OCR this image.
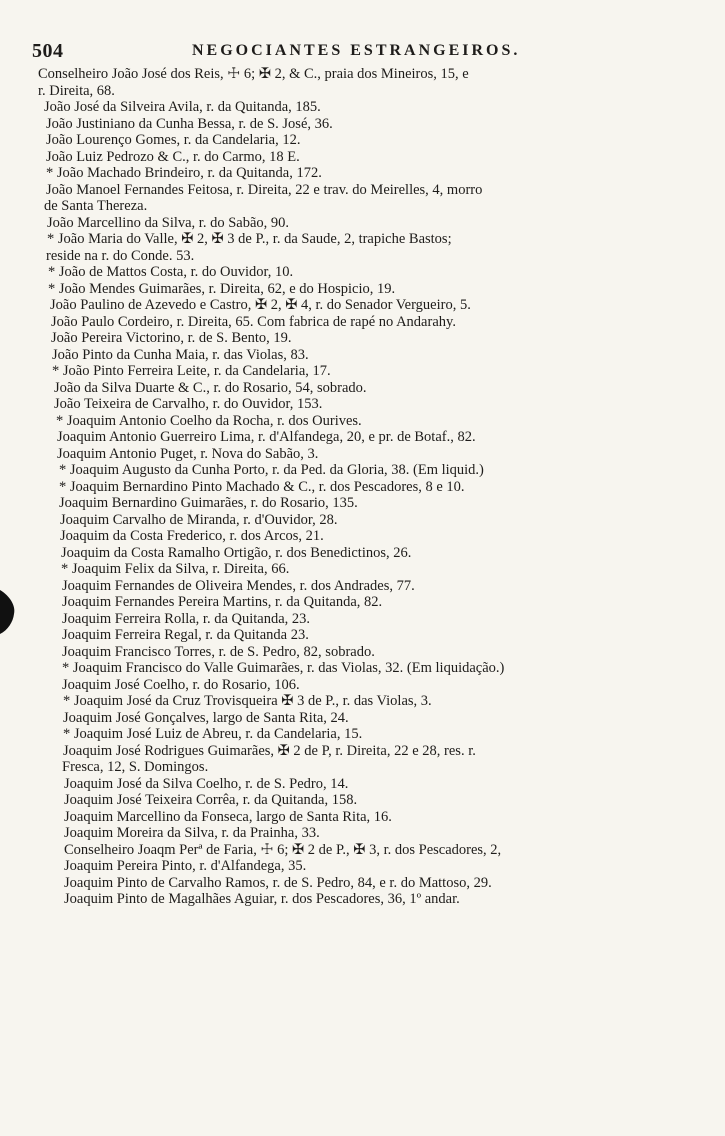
504	NEGOCIANTES ESTRANGEIROS.
Conselheiro João José dos Reis, ☩ 6; ✠ 2, & C., praia dos Mineiros, 15, e
r. Direita, 68.
João José da Silveira Avila, r. da Quitanda, 185.
João Justiniano da Cunha Bessa, r. de S. José, 36.
João Lourenço Gomes, r. da Candelaria, 12.
João Luiz Pedrozo & C., r. do Carmo, 18 E.
* João Machado Brindeiro, r. da Quitanda, 172.
João Manoel Fernandes Feitosa, r. Direita, 22 e trav. do Meirelles, 4, morro
de Santa Thereza.
João Marcellino da Silva, r. do Sabão, 90.
* João Maria do Valle, ✠ 2, ✠ 3 de P., r. da Saude, 2, trapiche Bastos;
reside na r. do Conde. 53.
* João de Mattos Costa, r. do Ouvidor, 10.
* João Mendes Guimarães, r. Direita, 62, e do Hospicio, 19.
João Paulino de Azevedo e Castro, ✠ 2, ✠ 4, r. do Senador Vergueiro, 5.
João Paulo Cordeiro, r. Direita, 65. Com fabrica de rapé no Andarahy.
João Pereira Victorino, r. de S. Bento, 19.
João Pinto da Cunha Maia, r. das Violas, 83.
* João Pinto Ferreira Leite, r. da Candelaria, 17.
João da Silva Duarte & C., r. do Rosario, 54, sobrado.
João Teixeira de Carvalho, r. do Ouvidor, 153.
* Joaquim Antonio Coelho da Rocha, r. dos Ourives.
Joaquim Antonio Guerreiro Lima, r. d'Alfandega, 20, e pr. de Botaf., 82.
Joaquim Antonio Puget, r. Nova do Sabão, 3.
* Joaquim Augusto da Cunha Porto, r. da Ped. da Gloria, 38. (Em liquid.)
* Joaquim Bernardino Pinto Machado & C., r. dos Pescadores, 8 e 10.
Joaquim Bernardino Guimarães, r. do Rosario, 135.
Joaquim Carvalho de Miranda, r. d'Ouvidor, 28.
Joaquim da Costa Frederico, r. dos Arcos, 21.
Joaquim da Costa Ramalho Ortigão, r. dos Benedictinos, 26.
* Joaquim Felix da Silva, r. Direita, 66.
Joaquim Fernandes de Oliveira Mendes, r. dos Andrades, 77.
Joaquim Fernandes Pereira Martins, r. da Quitanda, 82.
Joaquim Ferreira Rolla, r. da Quitanda, 23.
Joaquim Ferreira Regal, r. da Quitanda 23.
Joaquim Francisco Torres, r. de S. Pedro, 82, sobrado.
* Joaquim Francisco do Valle Guimarães, r. das Violas, 32. (Em liquidação.)
Joaquim José Coelho, r. do Rosario, 106.
* Joaquim José da Cruz Trovisqueira ✠ 3 de P., r. das Violas, 3.
Joaquim José Gonçalves, largo de Santa Rita, 24.
* Joaquim José Luiz de Abreu, r. da Candelaria, 15.
Joaquim José Rodrigues Guimarães, ✠ 2 de P, r. Direita, 22 e 28, res. r.
Fresca, 12, S. Domingos.
Joaquim José da Silva Coelho, r. de S. Pedro, 14.
Joaquim José Teixeira Corrêa, r. da Quitanda, 158.
Joaquim Marcellino da Fonseca, largo de Santa Rita, 16.
Joaquim Moreira da Silva, r. da Prainha, 33.
Conselheiro Joaqm Perª de Faria, ☩ 6; ✠ 2 de P., ✠ 3, r. dos Pescadores, 2,
Joaquim Pereira Pinto, r. d'Alfandega, 35.
Joaquim Pinto de Carvalho Ramos, r. de S. Pedro, 84, e r. do Mattoso, 29.
Joaquim Pinto de Magalhães Aguiar, r. dos Pescadores, 36, 1º andar.
